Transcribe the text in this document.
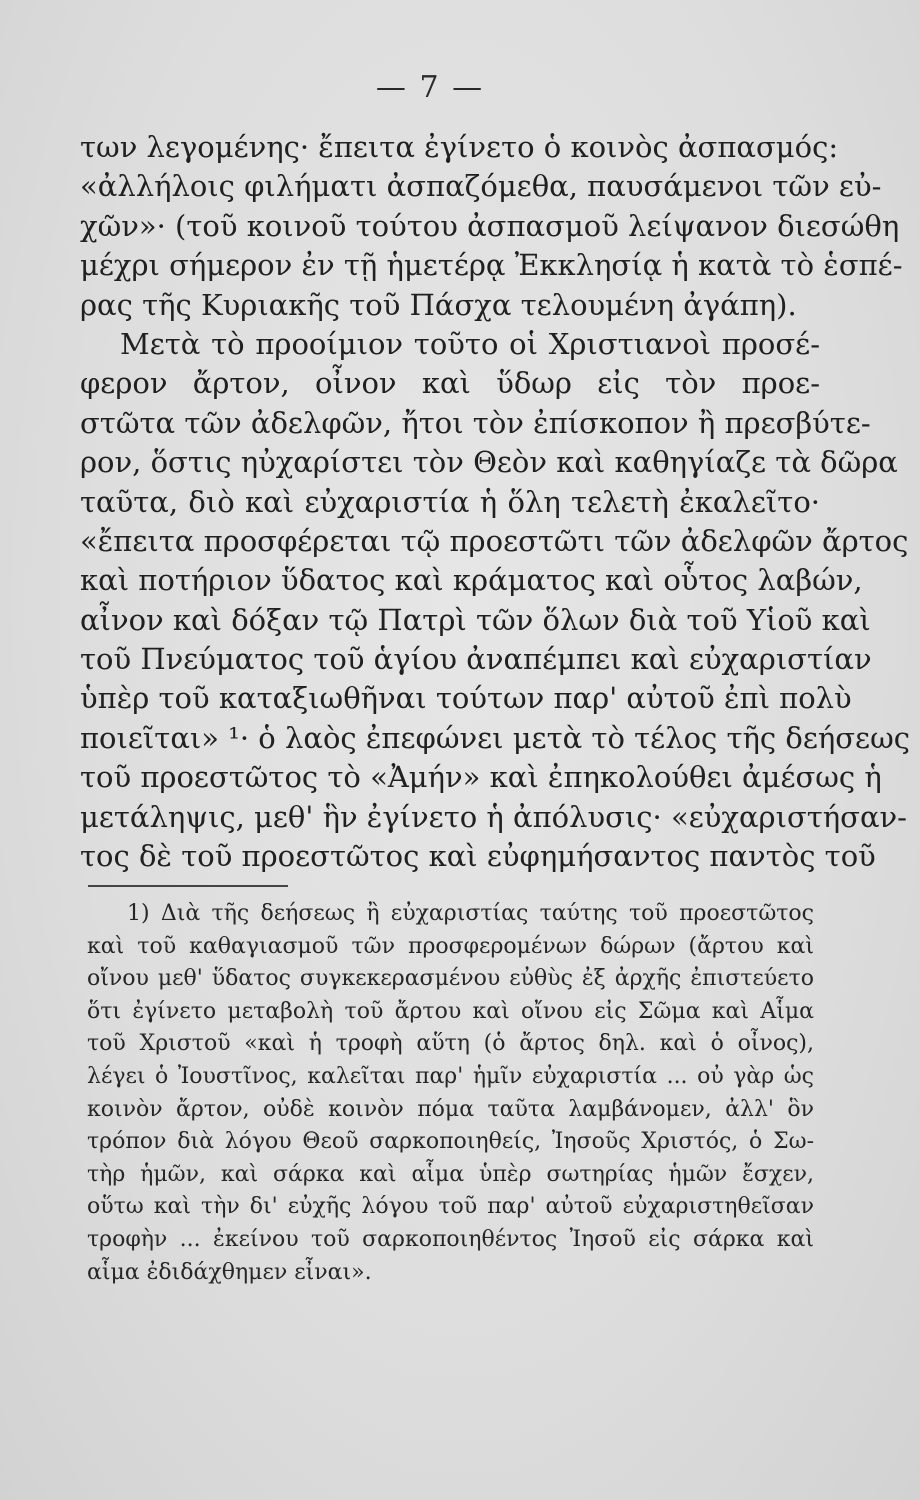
— 7 —
των λεγομένης· ἔπειτα ἐγίνετο ὁ κοινὸς ἀσπασμός:
«ἀλλήλοις φιλήματι ἀσπαζόμεθα, παυσάμενοι τῶν εὐ-
χῶν»· (τοῦ κοινοῦ τούτου ἀσπασμοῦ λείψανον διεσώθη
μέχρι σήμερον ἐν τῇ ἡμετέρᾳ Ἐκκλησίᾳ ἡ κατὰ τὸ ἑσπέ-
ρας τῆς Κυριακῆς τοῦ Πάσχα τελουμένη ἀγάπη).
Μετὰ τὸ προοίμιον τοῦτο οἱ Χριστιανοὶ προσέ-
φερον ἄρτον, οἶνον καὶ ὕδωρ εἰς τὸν προε-
στῶτα τῶν ἀδελφῶν, ἤτοι τὸν ἐπίσκοπον ἢ πρεσβύτε-
ρον, ὅστις ηὐχαρίστει τὸν Θεὸν καὶ καθηγίαζε τὰ δῶρα
ταῦτα, διὸ καὶ εὐχαριστία ἡ ὅλη τελετὴ ἐκαλεῖτο·
«ἔπειτα προσφέρεται τῷ προεστῶτι τῶν ἀδελφῶν ἄρτος
καὶ ποτήριον ὕδατος καὶ κράματος καὶ οὗτος λαβών,
αἶνον καὶ δόξαν τῷ Πατρὶ τῶν ὅλων διὰ τοῦ Υἱοῦ καὶ
τοῦ Πνεύματος τοῦ ἁγίου ἀναπέμπει καὶ εὐχαριστίαν
ὑπὲρ τοῦ καταξιωθῆναι τούτων παρ' αὐτοῦ ἐπὶ πολὺ
ποιεῖται» ¹· ὁ λαὸς ἐπεφώνει μετὰ τὸ τέλος τῆς δεήσεως
τοῦ προεστῶτος τὸ «Ἀμήν» καὶ ἐπηκολούθει ἀμέσως ἡ
μετάληψις, μεθ' ἣν ἐγίνετο ἡ ἀπόλυσις· «εὐχαριστήσαν-
τος δὲ τοῦ προεστῶτος καὶ εὐφημήσαντος παντὸς τοῦ
1) Διὰ τῆς δεήσεως ἢ εὐχαριστίας ταύτης τοῦ προεστῶτος
καὶ τοῦ καθαγιασμοῦ τῶν προσφερομένων δώρων (ἄρτου καὶ
οἴνου μεθ' ὕδατος συγκεκερασμένου εὐθὺς ἐξ ἀρχῆς ἐπιστεύετο
ὅτι ἐγίνετο μεταβολὴ τοῦ ἄρτου καὶ οἴνου εἰς Σῶμα καὶ Αἷμα
τοῦ Χριστοῦ «καὶ ἡ τροφὴ αὕτη (ὁ ἄρτος δηλ. καὶ ὁ οἶνος),
λέγει ὁ Ἰουστῖνος, καλεῖται παρ' ἡμῖν εὐχαριστία ... οὐ γὰρ ὡς
κοινὸν ἄρτον, οὐδὲ κοινὸν πόμα ταῦτα λαμβάνομεν, ἀλλ' ὃν
τρόπον διὰ λόγου Θεοῦ σαρκοποιηθείς, Ἰησοῦς Χριστός, ὁ Σω-
τὴρ ἡμῶν, καὶ σάρκα καὶ αἷμα ὑπὲρ σωτηρίας ἡμῶν ἔσχεν,
οὕτω καὶ τὴν δι' εὐχῆς λόγου τοῦ παρ' αὐτοῦ εὐχαριστηθεῖσαν
τροφὴν ... ἐκείνου τοῦ σαρκοποιηθέντος Ἰησοῦ εἰς σάρκα καὶ
αἷμα ἐδιδάχθημεν εἶναι».
